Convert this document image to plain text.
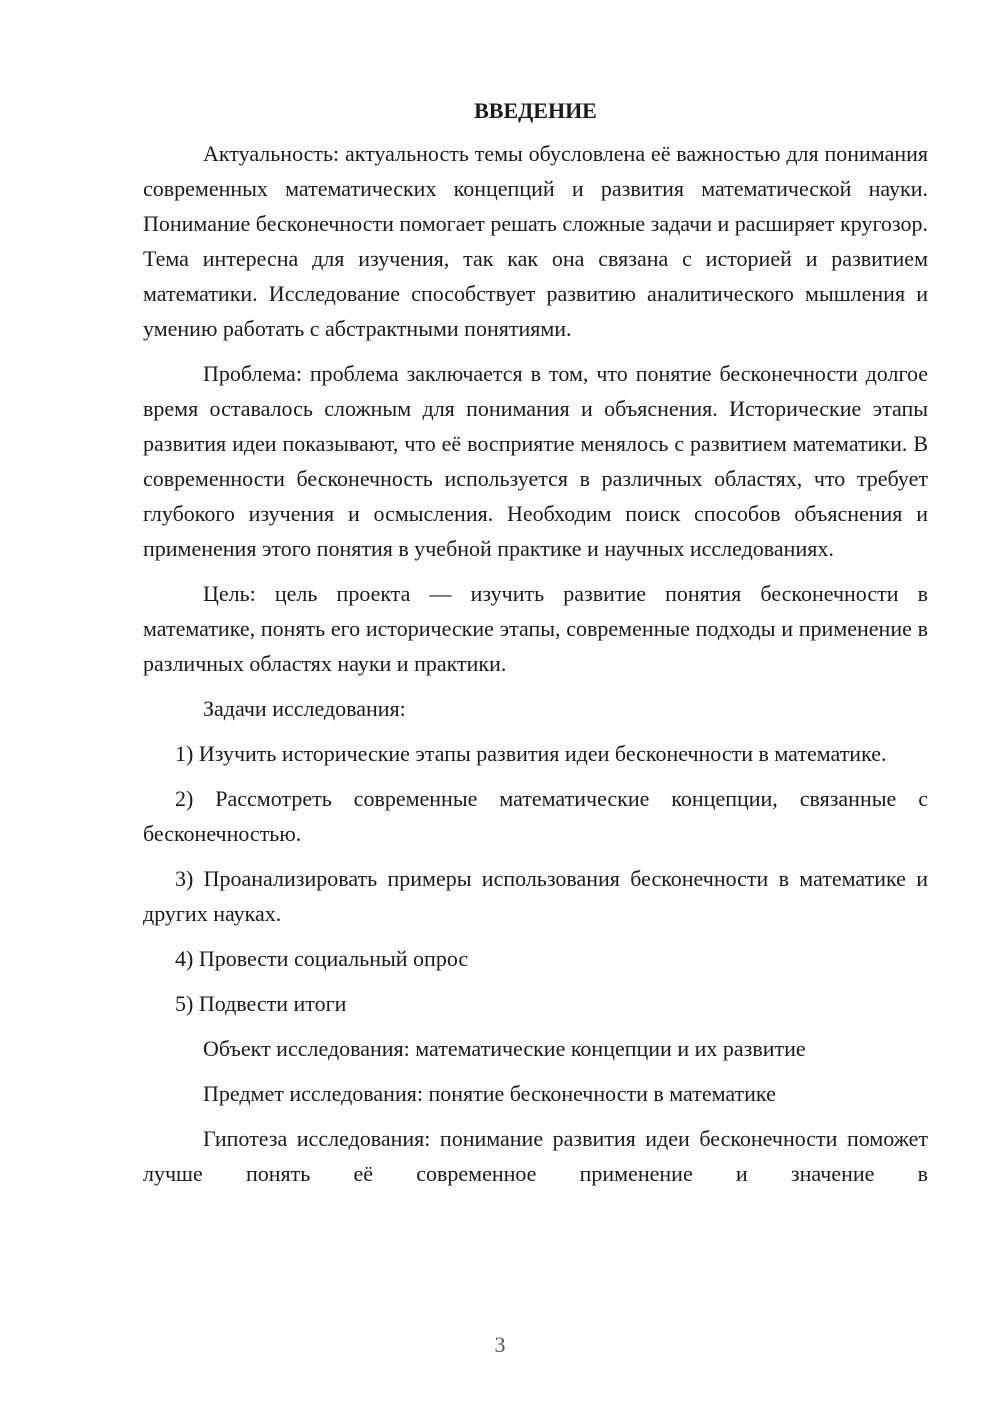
ВВЕДЕНИЕ

Актуальность: актуальность темы обусловлена её важностью для понимания современных математических концепций и развития математической науки. Понимание бесконечности помогает решать сложные задачи и расширяет кругозор. Тема интересна для изучения, так как она связана с историей и развитием математики. Исследование способствует развитию аналитического мышления и умению работать с абстрактными понятиями.

Проблема: проблема заключается в том, что понятие бесконечности долгое время оставалось сложным для понимания и объяснения. Исторические этапы развития идеи показывают, что её восприятие менялось с развитием математики. В современности бесконечность используется в различных областях, что требует глубокого изучения и осмысления. Необходим поиск способов объяснения и применения этого понятия в учебной практике и научных исследованиях.

Цель: цель проекта — изучить развитие понятия бесконечности в математике, понять его исторические этапы, современные подходы и применение в различных областях науки и практики.

Задачи исследования:

1) Изучить исторические этапы развития идеи бесконечности в математике.

2) Рассмотреть современные математические концепции, связанные с бесконечностью.

3) Проанализировать примеры использования бесконечности в математике и других науках.

4) Провести социальный опрос

5) Подвести итоги

Объект исследования: математические концепции и их развитие

Предмет исследования: понятие бесконечности в математике

Гипотеза исследования: понимание развития идеи бесконечности поможет лучше понять её современное применение и значение в

3
